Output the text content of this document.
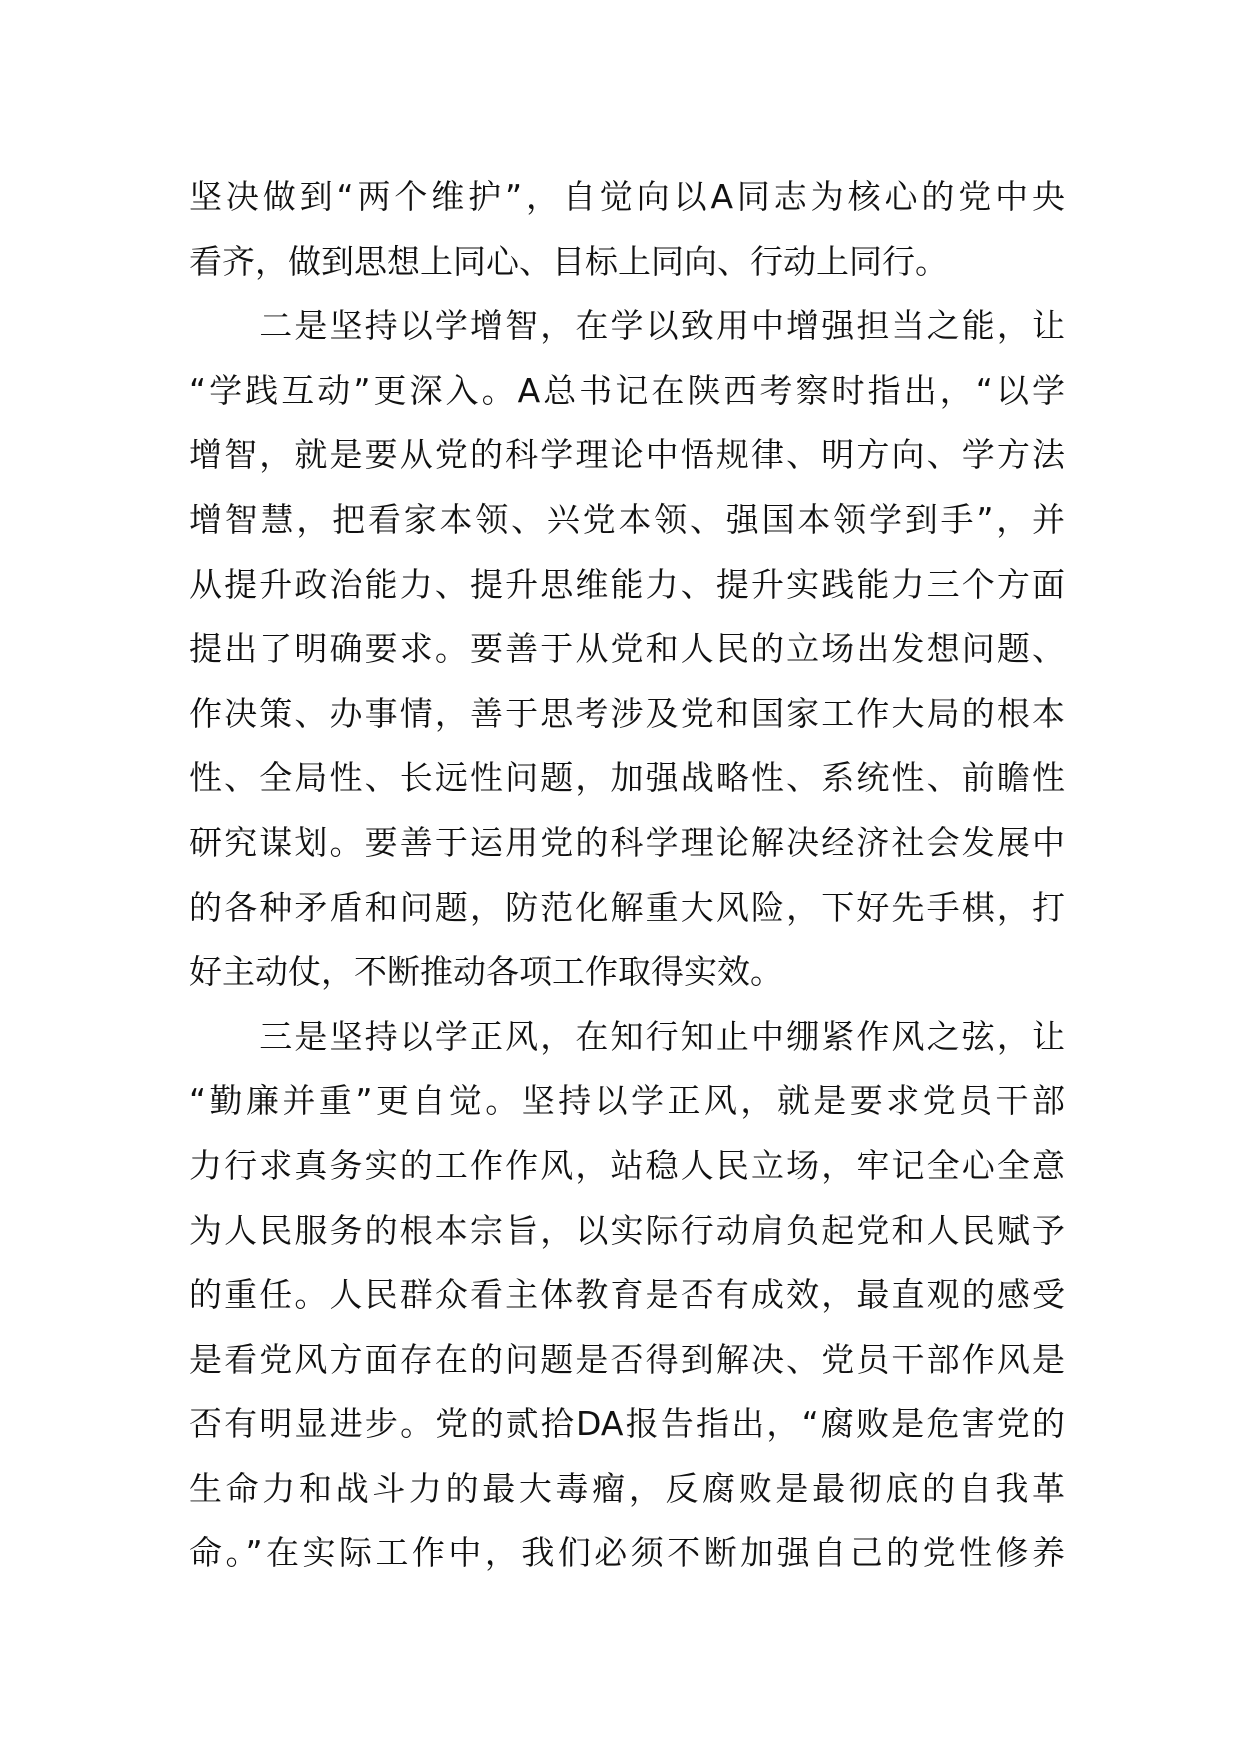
坚决做到“两个维护”，自觉向以A同志为核心的党中央
看齐，做到思想上同心、目标上同向、行动上同行。
　　二是坚持以学增智，在学以致用中增强担当之能，让
“学践互动”更深入。A总书记在陕西考察时指出，“以学
增智，就是要从党的科学理论中悟规律、明方向、学方法
增智慧，把看家本领、兴党本领、强国本领学到手”，并
从提升政治能力、提升思维能力、提升实践能力三个方面
提出了明确要求。要善于从党和人民的立场出发想问题、
作决策、办事情，善于思考涉及党和国家工作大局的根本
性、全局性、长远性问题，加强战略性、系统性、前瞻性
研究谋划。要善于运用党的科学理论解决经济社会发展中
的各种矛盾和问题，防范化解重大风险，下好先手棋，打
好主动仗，不断推动各项工作取得实效。
　　三是坚持以学正风，在知行知止中绷紧作风之弦，让
“勤廉并重”更自觉。坚持以学正风，就是要求党员干部
力行求真务实的工作作风，站稳人民立场，牢记全心全意
为人民服务的根本宗旨，以实际行动肩负起党和人民赋予
的重任。人民群众看主体教育是否有成效，最直观的感受
是看党风方面存在的问题是否得到解决、党员干部作风是
否有明显进步。党的贰拾DA报告指出，“腐败是危害党的
生命力和战斗力的最大毒瘤，反腐败是最彻底的自我革
命。”在实际工作中，我们必须不断加强自己的党性修养
